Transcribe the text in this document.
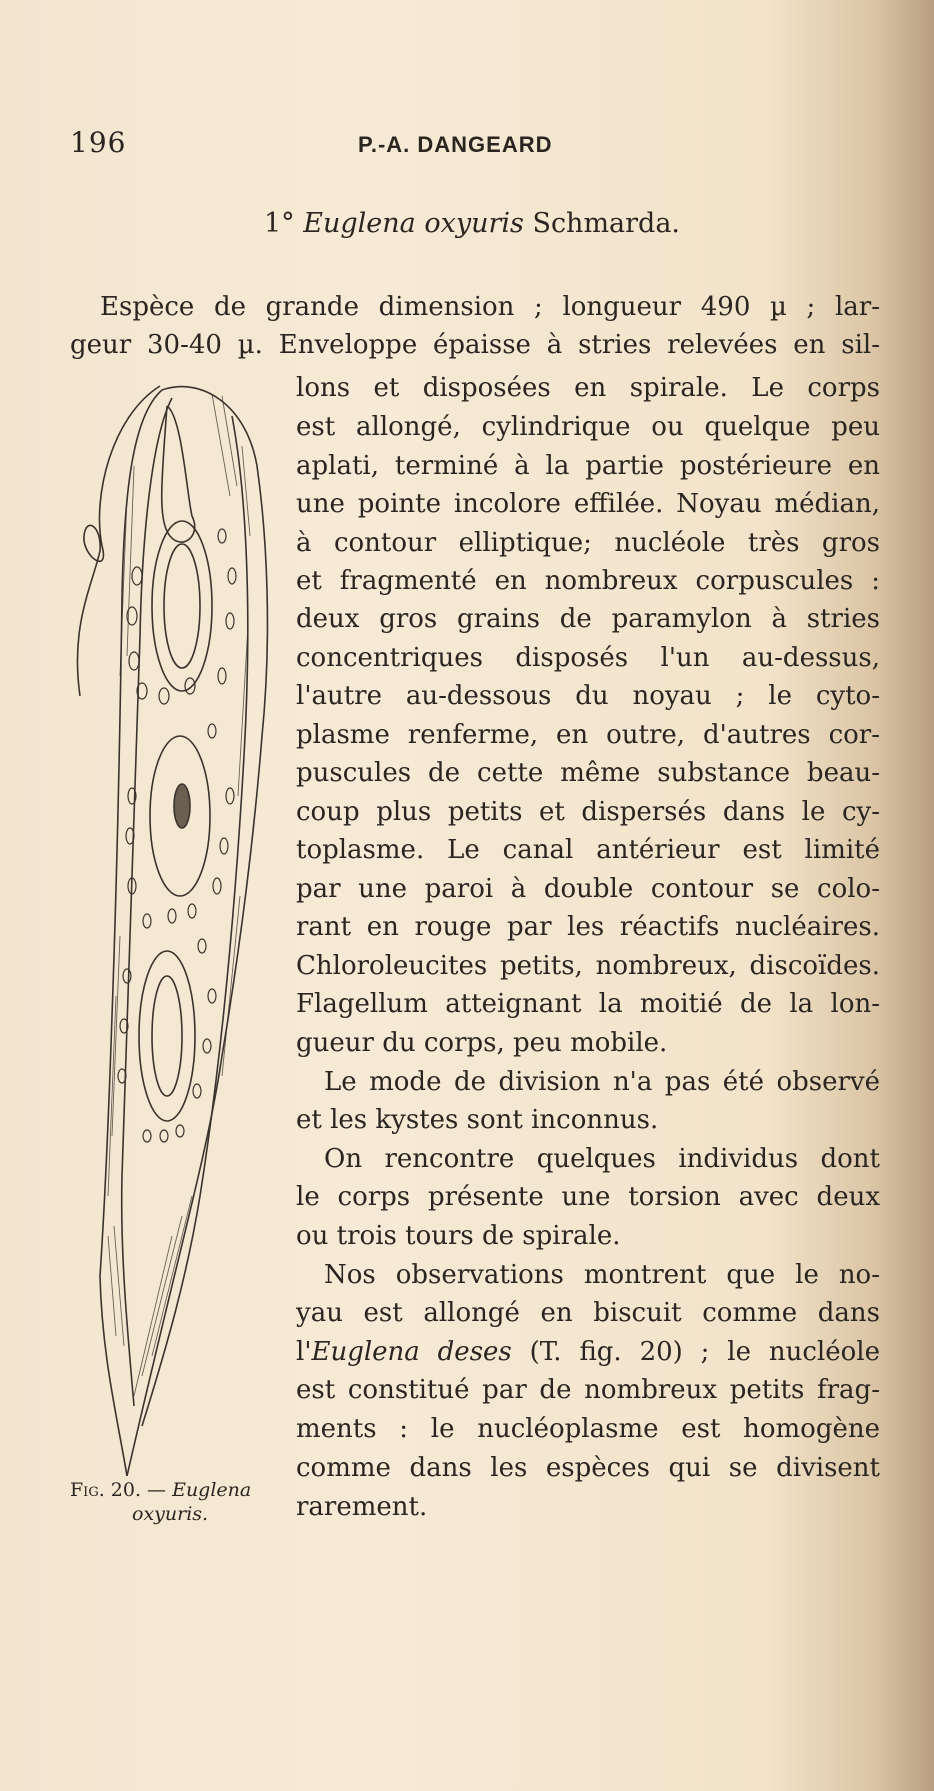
196	P.-A. DANGEARD
1° Euglena oxyuris Schmarda.
Espèce de grande dimension ; longueur 490 µ ; lar-
geur 30-40 µ. Enveloppe épaisse à stries relevées en sil-
lons et disposées en spirale. Le corps
est allongé, cylindrique ou quelque peu
aplati, terminé à la partie postérieure en
une pointe incolore effilée. Noyau médian,
à contour elliptique; nucléole très gros
et fragmenté en nombreux corpuscules :
deux gros grains de paramylon à stries
concentriques disposés l'un au-dessus,
l'autre au-dessous du noyau ; le cyto-
plasme renferme, en outre, d'autres cor-
puscules de cette même substance beau-
coup plus petits et dispersés dans le cy-
toplasme. Le canal antérieur est limité
par une paroi à double contour se colo-
rant en rouge par les réactifs nucléaires.
Chloroleucites petits, nombreux, discoïdes.
Flagellum atteignant la moitié de la lon-
gueur du corps, peu mobile.
Le mode de division n'a pas été observé
et les kystes sont inconnus.
On rencontre quelques individus dont
le corps présente une torsion avec deux
ou trois tours de spirale.
Nos observations montrent que le no-
yau est allongé en biscuit comme dans
l'Euglena deses (T. fig. 20) ; le nucléole
est constitué par de nombreux petits frag-
ments : le nucléoplasme est homogène
comme dans les espèces qui se divisent
rarement.
Fig. 20. — Euglena
oxyuris.
